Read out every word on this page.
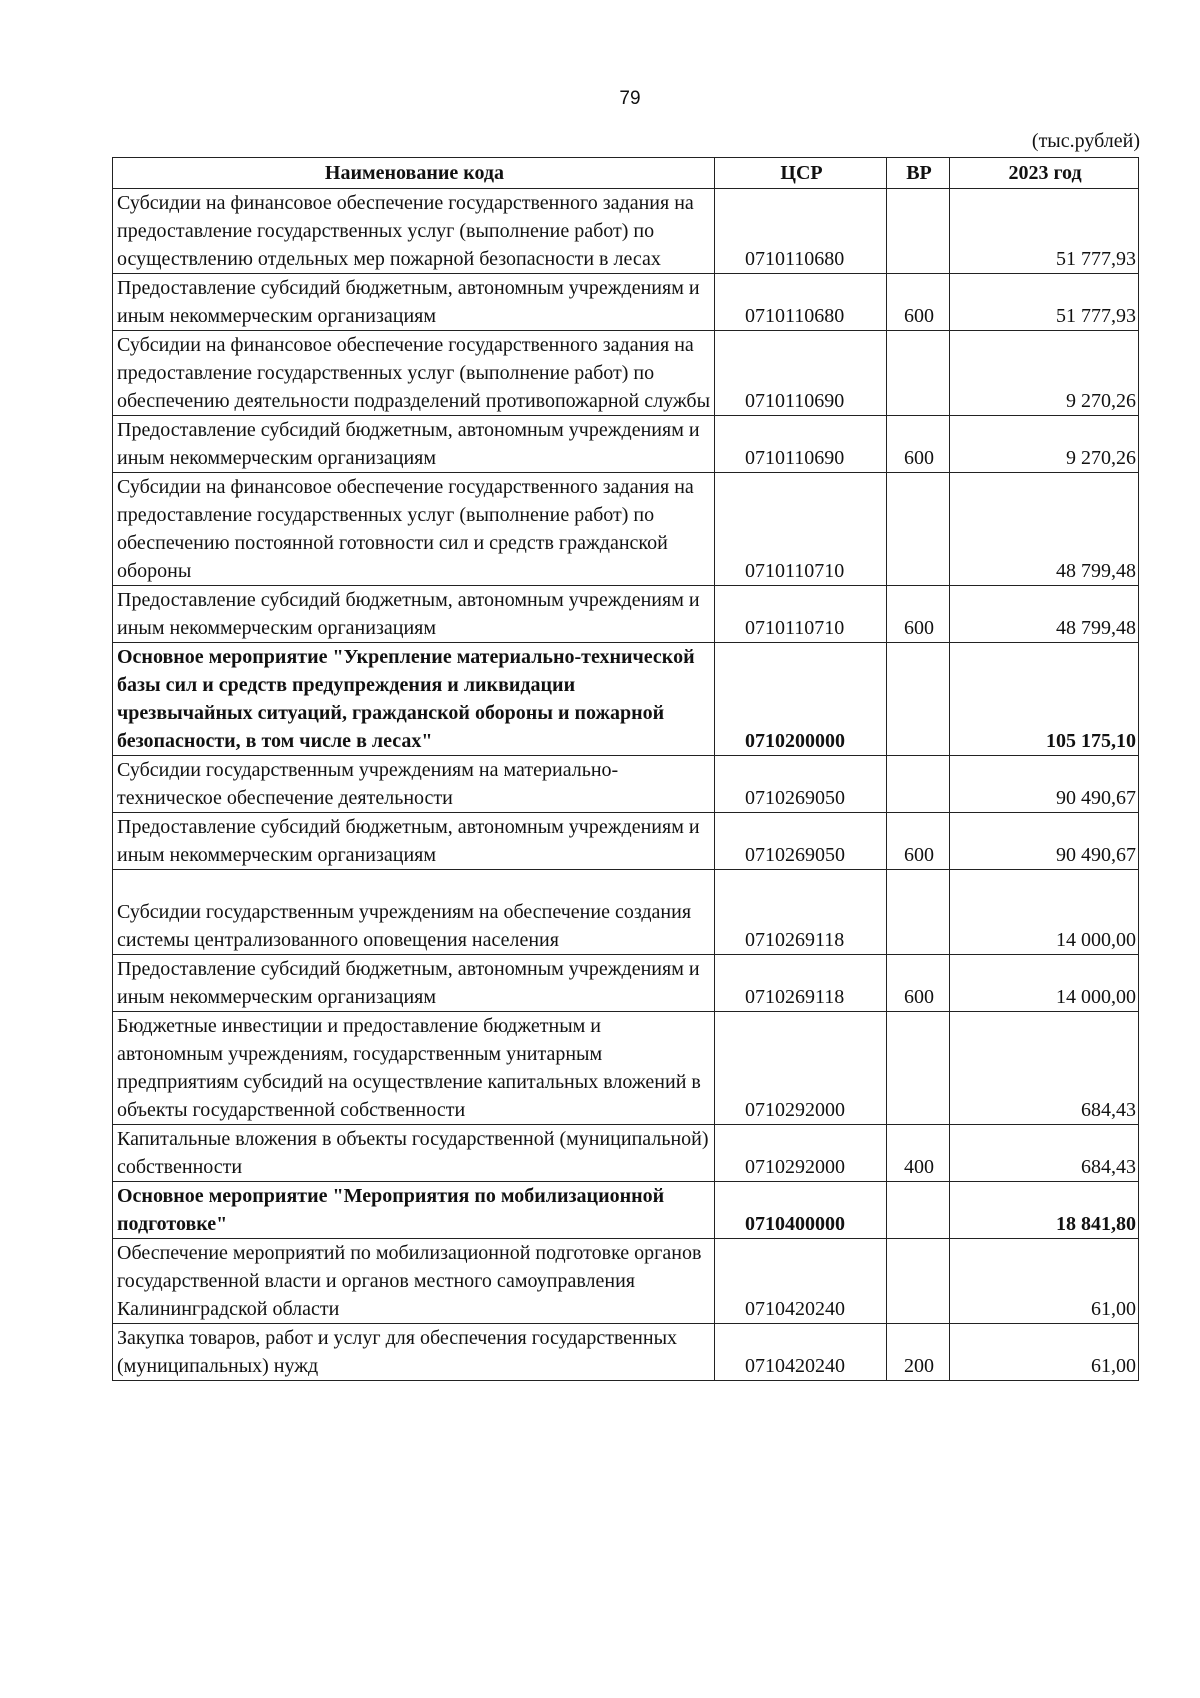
79
(тыс.рублей)
Наименование кода	ЦСР	ВР	2023 год
Субсидии на финансовое обеспечение государственного задания на предоставление государственных услуг (выполнение работ) по осуществлению отдельных мер пожарной безопасности в лесах	0710110680		51 777,93
Предоставление субсидий бюджетным, автономным учреждениям и иным некоммерческим организациям	0710110680	600	51 777,93
Субсидии на финансовое обеспечение государственного задания на предоставление государственных услуг (выполнение работ) по обеспечению деятельности подразделений противопожарной службы	0710110690		9 270,26
Предоставление субсидий бюджетным, автономным учреждениям и иным некоммерческим организациям	0710110690	600	9 270,26
Субсидии на финансовое обеспечение государственного задания на предоставление государственных услуг (выполнение работ) по обеспечению постоянной готовности сил и средств гражданской обороны	0710110710		48 799,48
Предоставление субсидий бюджетным, автономным учреждениям и иным некоммерческим организациям	0710110710	600	48 799,48
Основное мероприятие "Укрепление материально-технической базы сил и средств предупреждения и ликвидации чрезвычайных ситуаций, гражданской обороны и пожарной безопасности, в том числе в лесах"	0710200000		105 175,10
Субсидии государственным учреждениям на материально-техническое обеспечение деятельности	0710269050		90 490,67
Предоставление субсидий бюджетным, автономным учреждениям и иным некоммерческим организациям	0710269050	600	90 490,67
Субсидии государственным учреждениям на обеспечение создания системы централизованного оповещения населения	0710269118		14 000,00
Предоставление субсидий бюджетным, автономным учреждениям и иным некоммерческим организациям	0710269118	600	14 000,00
Бюджетные инвестиции и предоставление бюджетным и автономным учреждениям, государственным унитарным предприятиям субсидий на осуществление капитальных вложений в объекты государственной собственности	0710292000		684,43
Капитальные вложения в объекты государственной (муниципальной) собственности	0710292000	400	684,43
Основное мероприятие "Мероприятия по мобилизационной подготовке"	0710400000		18 841,80
Обеспечение мероприятий по мобилизационной подготовке органов государственной власти и органов местного самоуправления Калининградской области	0710420240		61,00
Закупка товаров, работ и услуг для обеспечения государственных (муниципальных) нужд	0710420240	200	61,00
